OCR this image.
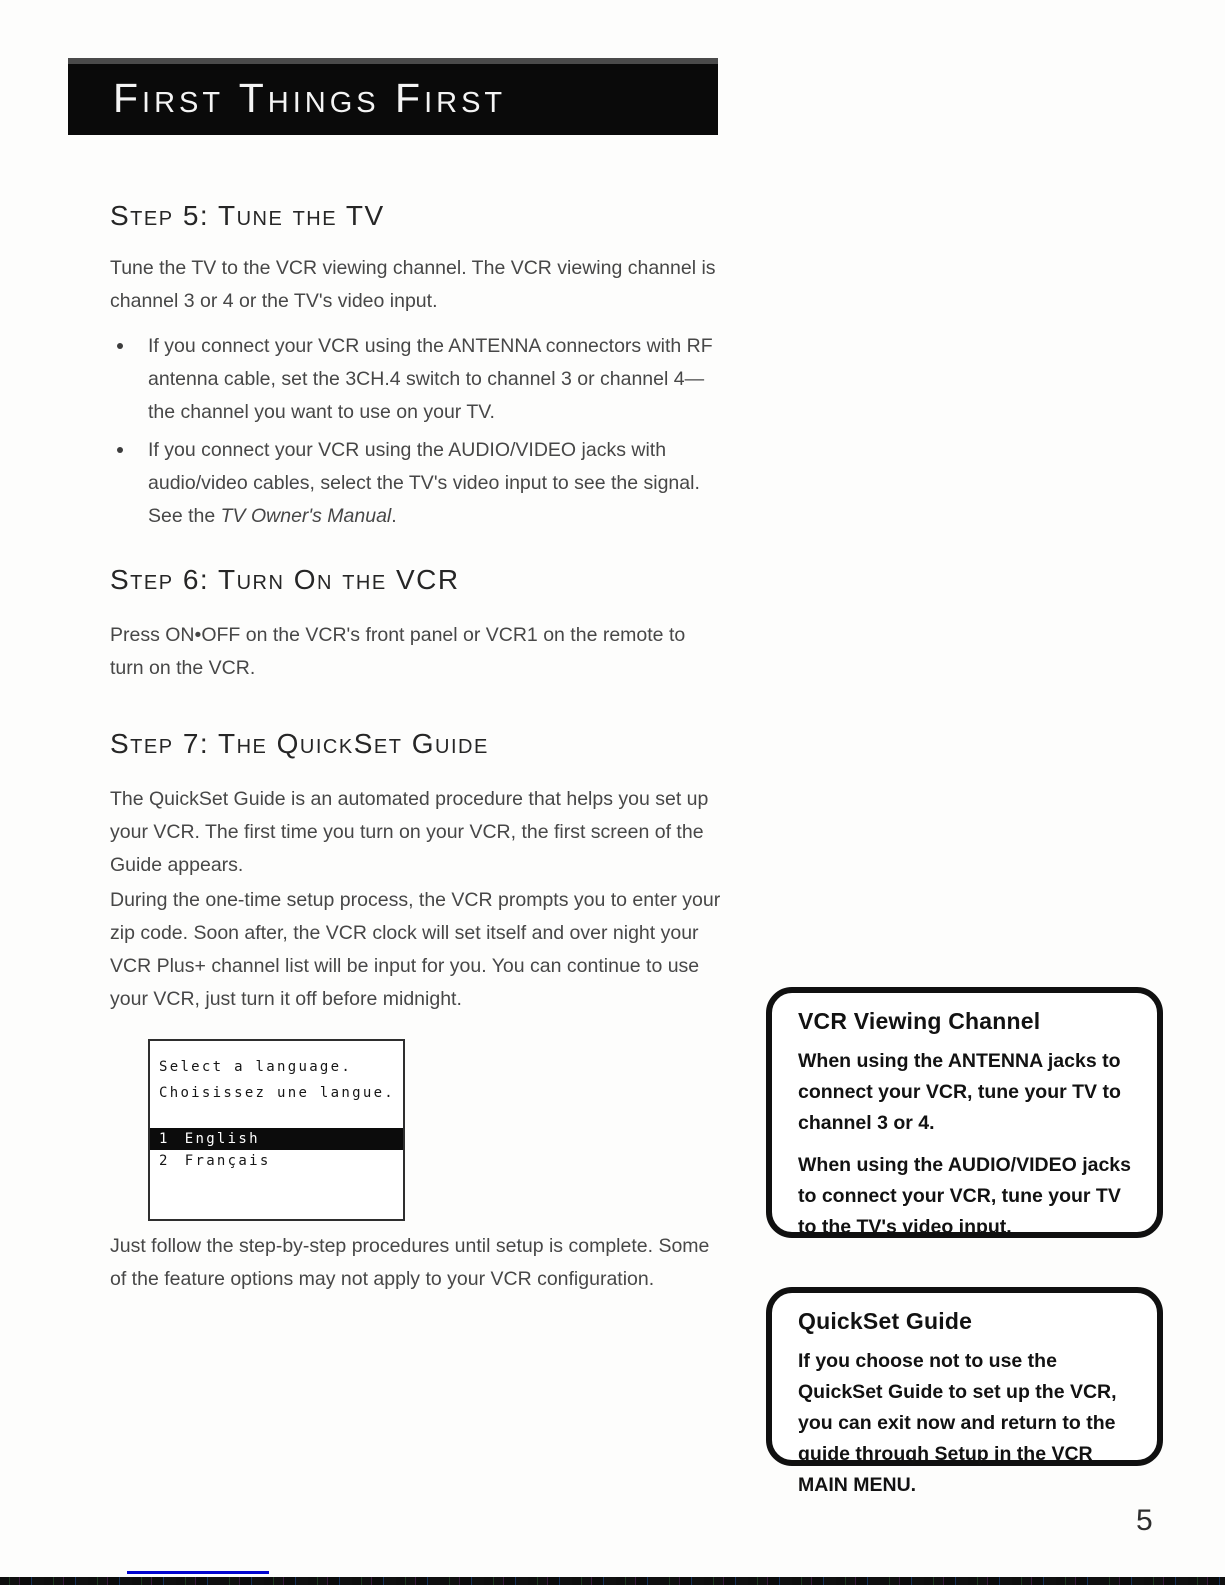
First Things First
Step 5: Tune the TV
Tune the TV to the VCR viewing channel. The VCR viewing channel is channel 3 or 4 or the TV's video input.
If you connect your VCR using the ANTENNA connectors with RF antenna cable, set the 3CH.4 switch to channel 3 or channel 4—the channel you want to use on your TV.
If you connect your VCR using the AUDIO/VIDEO jacks with audio/video cables, select the TV's video input to see the signal. See the TV Owner's Manual.
Step 6: Turn On the VCR
Press ON•OFF on the VCR's front panel or VCR1 on the remote to turn on the VCR.
Step 7: The QuickSet Guide
The QuickSet Guide is an automated procedure that helps you set up your VCR. The first time you turn on your VCR, the first screen of the Guide appears.
During the one-time setup process, the VCR prompts you to enter your zip code. Soon after, the VCR clock will set itself and over night your VCR Plus+ channel list will be input for you. You can continue to use your VCR, just turn it off before midnight.
Select a language.
Choisissez une langue.
1 English
2 Français
Just follow the step-by-step procedures until setup is complete. Some of the feature options may not apply to your VCR configuration.
VCR Viewing Channel

When using the ANTENNA jacks to connect your VCR, tune your TV to channel 3 or 4.

When using the AUDIO/VIDEO jacks to connect your VCR, tune your TV to the TV's video input.

QuickSet Guide

If you choose not to use the QuickSet Guide to set up the VCR, you can exit now and return to the guide through Setup in the VCR MAIN MENU.

5
